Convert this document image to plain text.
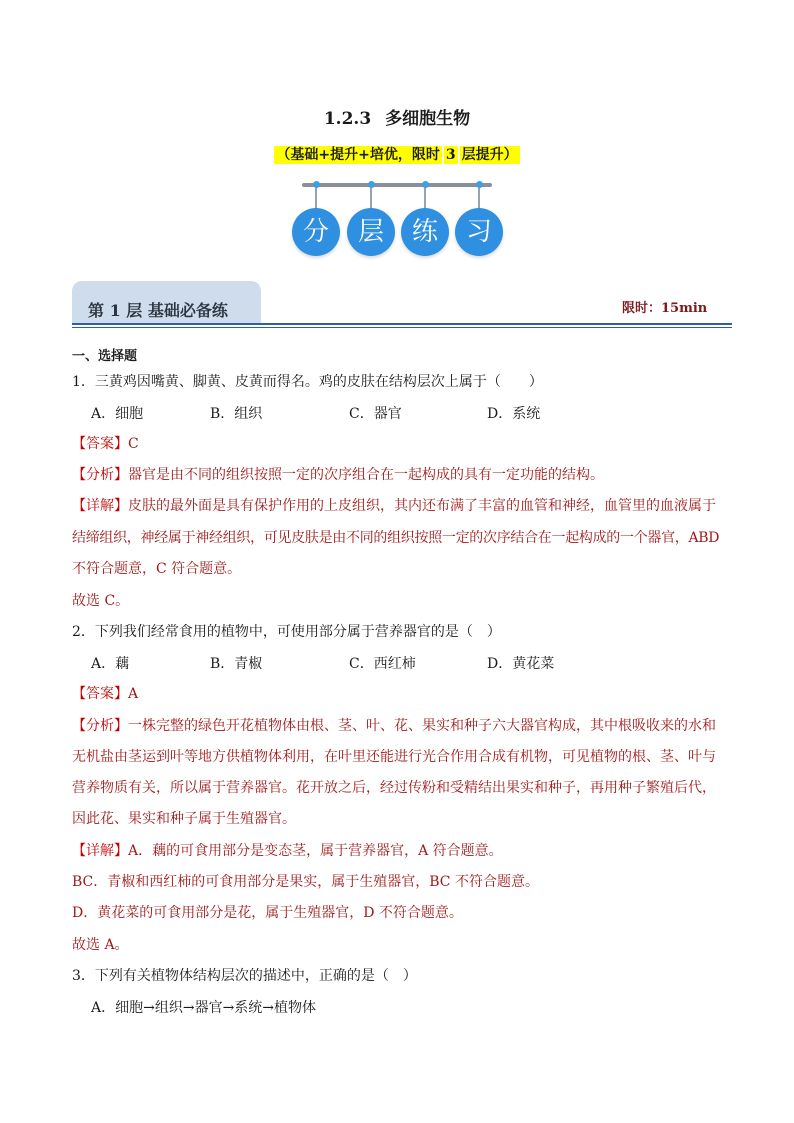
1.2.3 多细胞生物
（基础+提升+培优，限时 3 层提升）
分	层	练	习
第 1 层 基础必备练	限时：15min
一、选择题
1．三黄鸡因嘴黄、脚黄、皮黄而得名。鸡的皮肤在结构层次上属于（　　）
A．细胞	B．组织	C．器官	D．系统
【答案】C
【分析】器官是由不同的组织按照一定的次序组合在一起构成的具有一定功能的结构。
【详解】皮肤的最外面是具有保护作用的上皮组织，其内还布满了丰富的血管和神经，血管里的血液属于
结缔组织，神经属于神经组织，可见皮肤是由不同的组织按照一定的次序结合在一起构成的一个器官，ABD
不符合题意，C 符合题意。
故选 C。
2．下列我们经常食用的植物中，可使用部分属于营养器官的是（　）
A．藕	B．青椒	C．西红柿	D．黄花菜
【答案】A
【分析】一株完整的绿色开花植物体由根、茎、叶、花、果实和种子六大器官构成，其中根吸收来的水和
无机盐由茎运到叶等地方供植物体利用，在叶里还能进行光合作用合成有机物，可见植物的根、茎、叶与
营养物质有关，所以属于营养器官。花开放之后，经过传粉和受精结出果实和种子，再用种子繁殖后代，
因此花、果实和种子属于生殖器官。
【详解】A．藕的可食用部分是变态茎，属于营养器官，A 符合题意。
BC．青椒和西红柿的可食用部分是果实，属于生殖器官，BC 不符合题意。
D．黄花菜的可食用部分是花，属于生殖器官，D 不符合题意。
故选 A。
3．下列有关植物体结构层次的描述中，正确的是（　）
A．细胞→组织→器官→系统→植物体
